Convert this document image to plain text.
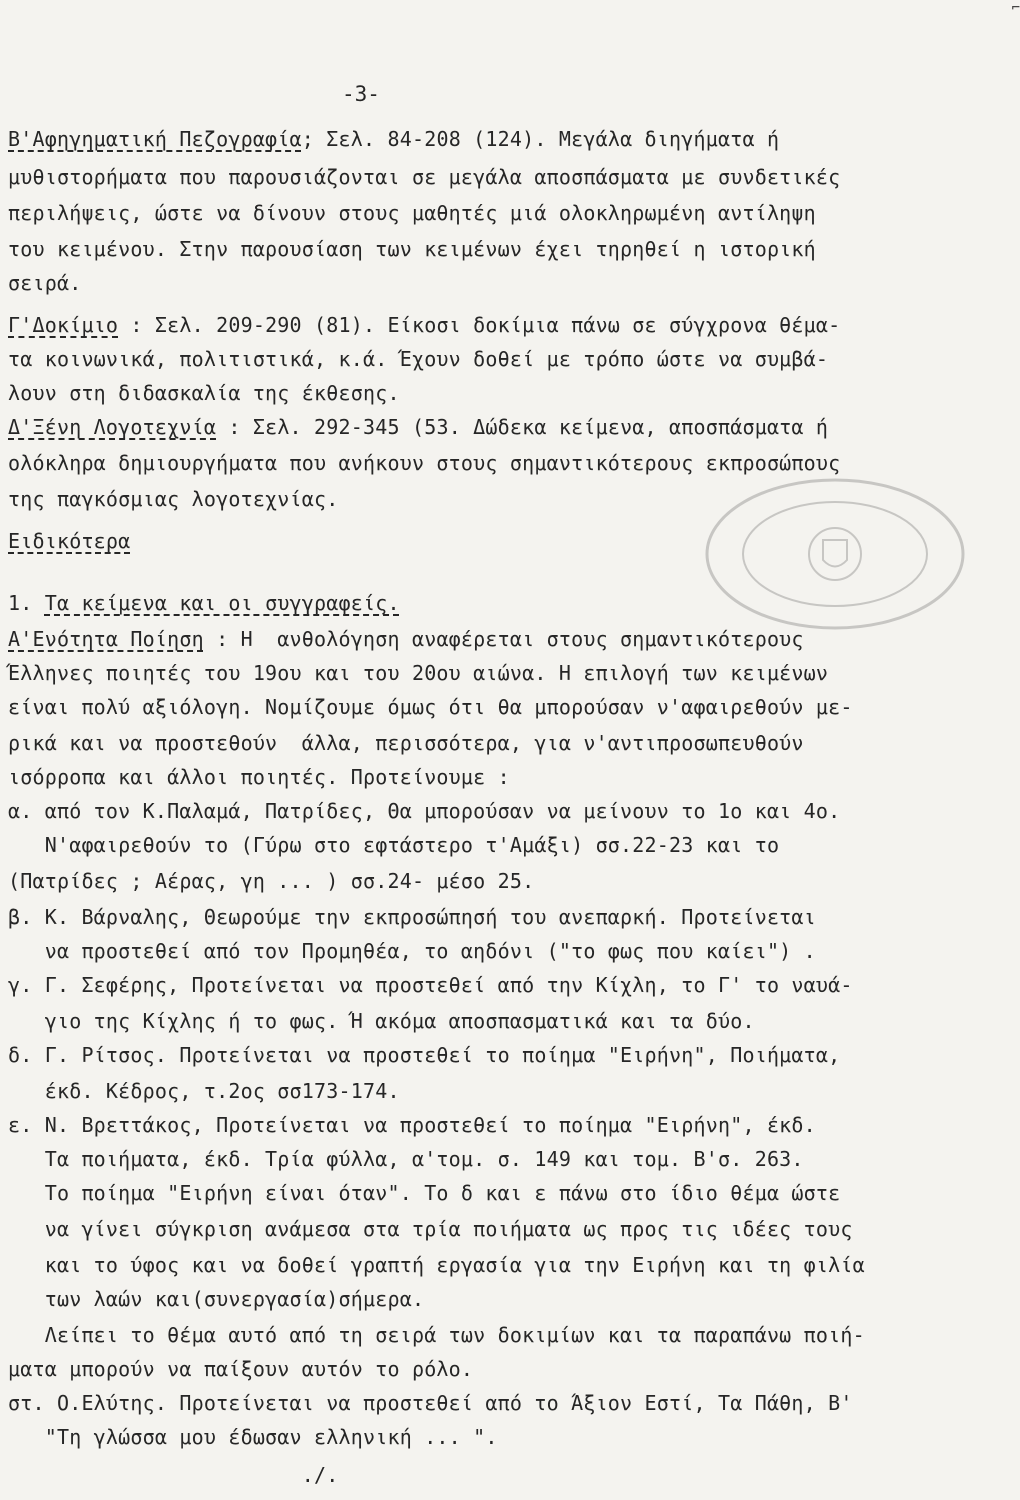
⌐
-3-
Β'Αφηγηματική Πεζογραφία; Σελ. 84-208 (124). Μεγάλα διηγήματα ή
μυθιστορήματα που παρουσιάζονται σε μεγάλα αποσπάσματα με συνδετικές
περιλήψεις, ώστε να δίνουν στους μαθητές μιά ολοκληρωμένη αντίληψη
του κειμένου. Στην παρουσίαση των κειμένων έχει τηρηθεί η ιστορική
σειρά.
Γ'Δοκίμιο : Σελ. 209-290 (81). Είκοσι δοκίμια πάνω σε σύγχρονα θέμα-
τα κοινωνικά, πολιτιστικά, κ.ά. Έχουν δοθεί με τρόπο ώστε να συμβά-
λουν στη διδασκαλία της έκθεσης.
Δ'Ξένη Λογοτεχνία : Σελ. 292-345 (53. Δώδεκα κείμενα, αποσπάσματα ή
ολόκληρα δημιουργήματα που ανήκουν στους σημαντικότερους εκπροσώπους
της παγκόσμιας λογοτεχνίας.
Ειδικότερα
1. Τα κείμενα και οι συγγραφείς.
Α'Ενότητα Ποίηση : Η  ανθολόγηση αναφέρεται στους σημαντικότερους
Έλληνες ποιητές του 19ου και του 20ου αιώνα. Η επιλογή των κειμένων
είναι πολύ αξιόλογη. Νομίζουμε όμως ότι θα μπορούσαν ν'αφαιρεθούν με-
ρικά και να προστεθούν  άλλα, περισσότερα, για ν'αντιπροσωπευθούν
ισόρροπα και άλλοι ποιητές. Προτείνουμε :
α. από τον Κ.Παλαμά, Πατρίδες, Θα μπορούσαν να μείνουν το 1ο και 4ο.
Ν'αφαιρεθούν το (Γύρω στο εφτάστερο τ'Αμάξι) σσ.22-23 και το
(Πατρίδες ; Αέρας, γη ... ) σσ.24- μέσο 25.
β. Κ. Βάρναλης, Θεωρούμε την εκπροσώπησή του ανεπαρκή. Προτείνεται
να προστεθεί από τον Προμηθέα, το αηδόνι ("το φως που καίει") .
γ. Γ. Σεφέρης, Προτείνεται να προστεθεί από την Κίχλη, το Γ' το ναυά-
γιο της Κίχλης ή το φως. Ή ακόμα αποσπασματικά και τα δύο.
δ. Γ. Ρίτσος. Προτείνεται να προστεθεί το ποίημα "Ειρήνη", Ποιήματα,
έκδ. Κέδρος, τ.2ος σσ173-174.
ε. Ν. Βρεττάκος, Προτείνεται να προστεθεί το ποίημα "Ειρήνη", έκδ.
Τα ποιήματα, έκδ. Τρία φύλλα, α'τομ. σ. 149 και τομ. Β'σ. 263.
Το ποίημα "Ειρήνη είναι όταν". Το δ και ε πάνω στο ίδιο θέμα ώστε
να γίνει σύγκριση ανάμεσα στα τρία ποιήματα ως προς τις ιδέες τους
και το ύφος και να δοθεί γραπτή εργασία για την Ειρήνη και τη φιλία
των λαών και(συνεργασία)σήμερα.
Λείπει το θέμα αυτό από τη σειρά των δοκιμίων και τα παραπάνω ποιή-
ματα μπορούν να παίξουν αυτόν το ρόλο.
στ. Ο.Ελύτης. Προτείνεται να προστεθεί από το Άξιον Εστί, Τα Πάθη, Β'
"Τη γλώσσα μου έδωσαν ελληνική ... ".
./.
